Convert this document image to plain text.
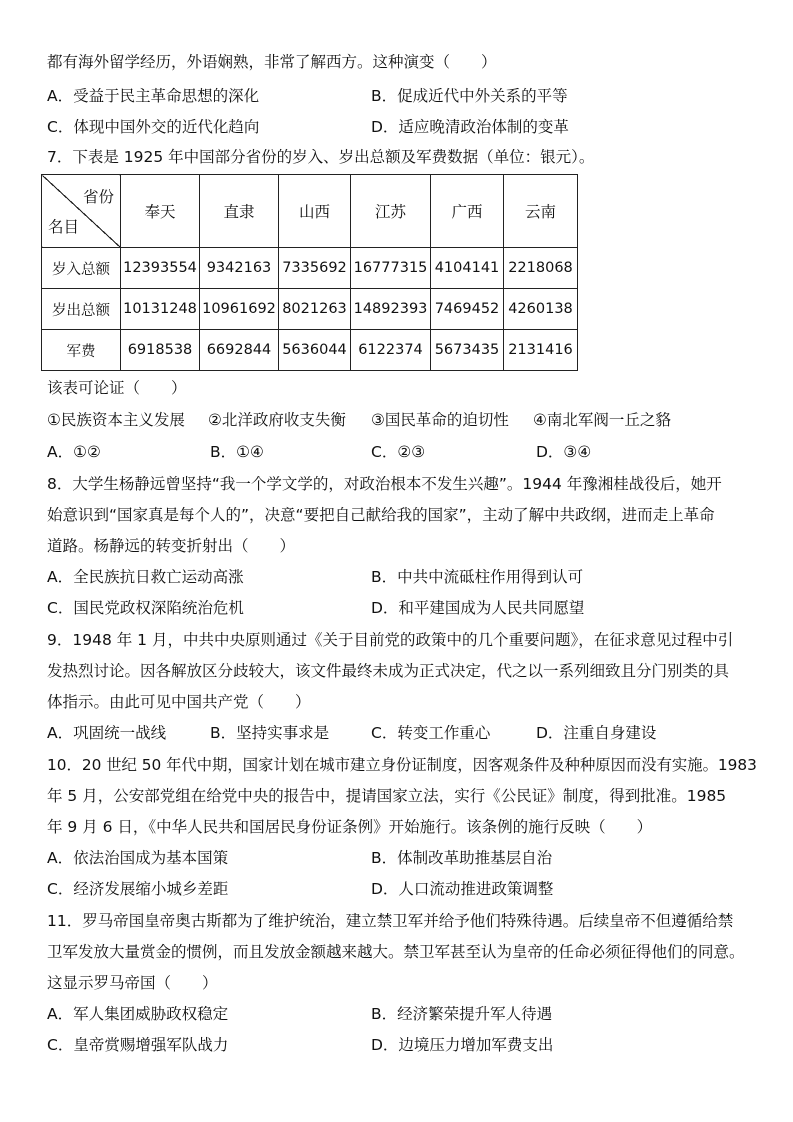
都有海外留学经历，外语娴熟，非常了解西方。这种演变（　　）
A．受益于民主革命思想的深化	B．促成近代中外关系的平等
C．体现中国外交的近代化趋向	D．适应晚清政治体制的变革
7．下表是 1925 年中国部分省份的岁入、岁出总额及军费数据（单位：银元）。
省份
名目	奉天	直隶	山西	江苏	广西	云南
岁入总额	12393554	9342163	7335692	16777315	4104141	2218068
岁出总额	10131248	10961692	8021263	14892393	7469452	4260138
军费	6918538	6692844	5636044	6122374	5673435	2131416
该表可论证（　　）
①民族资本主义发展 ②北洋政府收支失衡 ③国民革命的迫切性 ④南北军阀一丘之貉
A．①②	B．①④	C．②③	D．③④
8．大学生杨静远曾坚持“我一个学文学的，对政治根本不发生兴趣”。1944 年豫湘桂战役后，她开
始意识到“国家真是每个人的”，决意“要把自己献给我的国家”，主动了解中共政纲，进而走上革命
道路。杨静远的转变折射出（　　）
A．全民族抗日救亡运动高涨	B．中共中流砥柱作用得到认可
C．国民党政权深陷统治危机	D．和平建国成为人民共同愿望
9．1948 年 1 月，中共中央原则通过《关于目前党的政策中的几个重要问题》，在征求意见过程中引
发热烈讨论。因各解放区分歧较大，该文件最终未成为正式决定，代之以一系列细致且分门别类的具
体指示。由此可见中国共产党（　　）
A．巩固统一战线	B．坚持实事求是	C．转变工作重心	D．注重自身建设
10．20 世纪 50 年代中期，国家计划在城市建立身份证制度，因客观条件及种种原因而没有实施。1983
年 5 月，公安部党组在给党中央的报告中，提请国家立法，实行《公民证》制度，得到批准。1985
年 9 月 6 日，《中华人民共和国居民身份证条例》开始施行。该条例的施行反映（　　）
A．依法治国成为基本国策	B．体制改革助推基层自治
C．经济发展缩小城乡差距	D．人口流动推进政策调整
11．罗马帝国皇帝奥古斯都为了维护统治，建立禁卫军并给予他们特殊待遇。后续皇帝不但遵循给禁
卫军发放大量赏金的惯例，而且发放金额越来越大。禁卫军甚至认为皇帝的任命必须征得他们的同意。
这显示罗马帝国（　　）
A．军人集团威胁政权稳定	B．经济繁荣提升军人待遇
C．皇帝赏赐增强军队战力	D．边境压力增加军费支出
